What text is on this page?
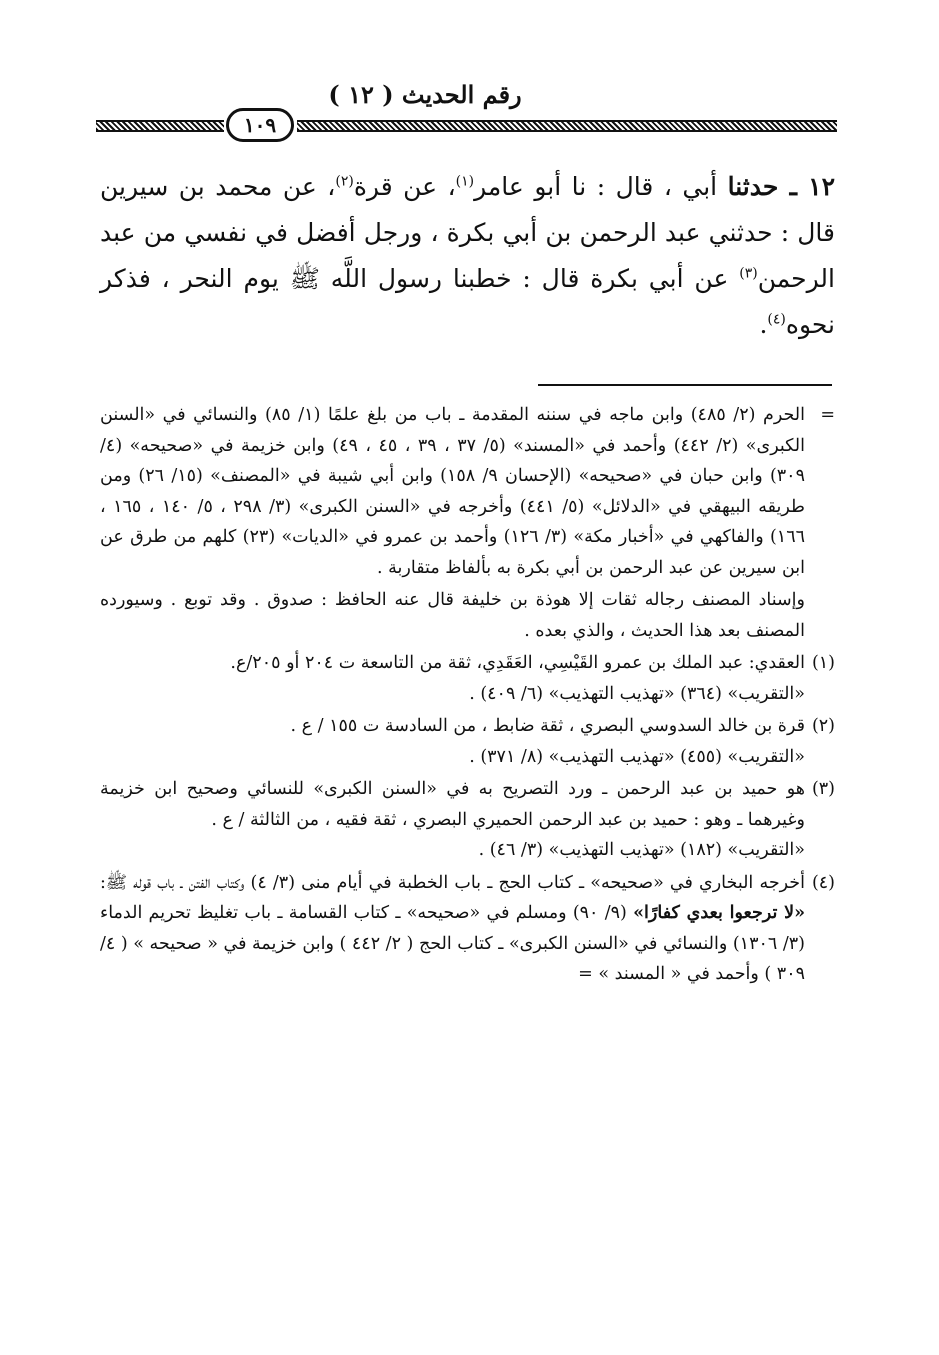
رقم الحديث ( ١٢ )
١٠٩

١٢ ـ حدثنا أبي ، قال : نا أبو عامر$^{(١)}$، عن قرة$^{(٢)}$، عن محمد بن سيرين قال : حدثني عبد الرحمن بن أبي بكرة ، ورجل أفضل في نفسي من عبد الرحمن$^{(٣)}$ عن أبي بكرة قال : خطبنا رسول اللَّه ﷺ يوم النحر ، فذكر نحوه$^{(٤)}$.

=
الحرم (٢/ ٤٨٥) وابن ماجه في سننه المقدمة ـ باب من بلغ علمًا (١/ ٨٥) والنسائي في «السنن الكبرى» (٢/ ٤٤٢) وأحمد في «المسند» (٥/ ٣٧ ، ٣٩ ، ٤٥ ، ٤٩) وابن خزيمة في «صحيحه» (٤/ ٣٠٩) وابن حبان في «صحيحه» (الإحسان ٩/ ١٥٨) وابن أبي شيبة في «المصنف» (١٥/ ٢٦) ومن طريقه البيهقي في «الدلائل» (٥/ ٤٤١) وأخرجه في «السنن الكبرى» (٣/ ٢٩٨ ، ٥/ ١٤٠ ، ١٦٥ ، ١٦٦) والفاكهي في «أخبار مكة» (٣/ ١٢٦) وأحمد بن عمرو في «الديات» (٢٣) كلهم من طرق عن ابن سيرين عن عبد الرحمن بن أبي بكرة به بألفاظ متقاربة .
وإسناد المصنف رجاله ثقات إلا هوذة بن خليفة قال عنه الحافظ : صدوق . وقد توبع . وسيورده المصنف بعد هذا الحديث ، والذي بعده .
(١)
العقدي: عبد الملك بن عمرو القَيْسِي، العَقَدِي، ثقة من التاسعة ت ٢٠٤ أو ٢٠٥/ع.
«التقريب» (٣٦٤) «تهذيب التهذيب» (٦/ ٤٠٩) .
(٢)
قرة بن خالد السدوسي البصري ، ثقة ضابط ، من السادسة ت ١٥٥ / ع .
«التقريب» (٤٥٥) «تهذيب التهذيب» (٨/ ٣٧١) .
(٣)
هو حميد بن عبد الرحمن ـ ورد التصريح به في «السنن الكبرى» للنسائي وصحيح ابن خزيمة وغيرهما ـ وهو : حميد بن عبد الرحمن الحميري البصري ، ثقة فقيه ، من الثالثة / ع .
«التقريب» (١٨٢) «تهذيب التهذيب» (٣/ ٤٦) .
(٤)
أخرجه البخاري في «صحيحه» ـ كتاب الحج ـ باب الخطبة في أيام منى (٣/ ٤) وكتاب الفتن ـ باب قوله ﷺ: «لا ترجعوا بعدي كفارًا» (٩/ ٩٠) ومسلم في «صحيحه» ـ كتاب القسامة ـ باب تغليظ تحريم الدماء (٣/ ١٣٠٦) والنسائي في «السنن الكبرى» ـ كتاب الحج ( ٢/ ٤٤٢ ) وابن خزيمة في « صحيحه » ( ٤/ ٣٠٩ ) وأحمد في « المسند » =
